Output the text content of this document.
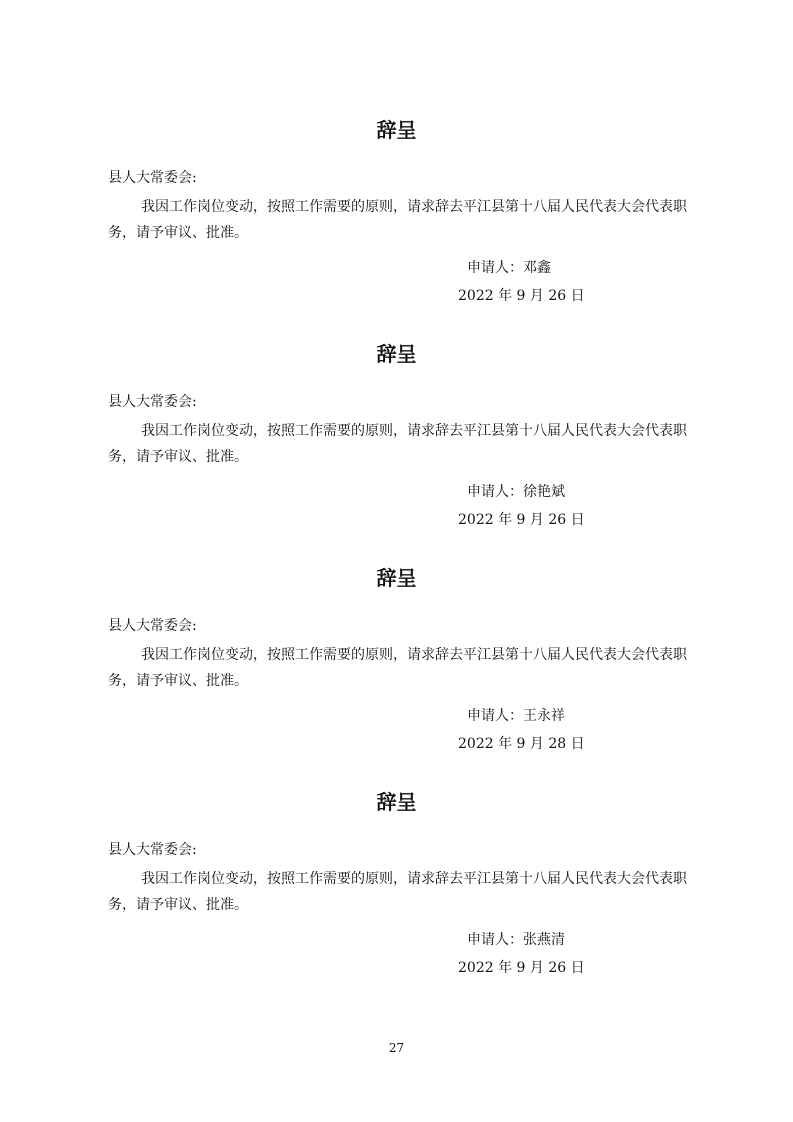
辞呈
县人大常委会:
我因工作岗位变动，按照工作需要的原则，请求辞去平江县第十八届人民代表大会代表职务，请予审议、批准。
申请人：邓鑫
2022 年 9 月 26 日
辞呈
县人大常委会:
我因工作岗位变动，按照工作需要的原则，请求辞去平江县第十八届人民代表大会代表职务，请予审议、批准。
申请人：徐艳斌
2022 年 9 月 26 日
辞呈
县人大常委会:
我因工作岗位变动，按照工作需要的原则，请求辞去平江县第十八届人民代表大会代表职务，请予审议、批准。
申请人：王永祥
2022 年 9 月 28 日
辞呈
县人大常委会:
我因工作岗位变动，按照工作需要的原则，请求辞去平江县第十八届人民代表大会代表职务，请予审议、批准。
申请人：张燕清
2022 年 9 月 26 日
27
